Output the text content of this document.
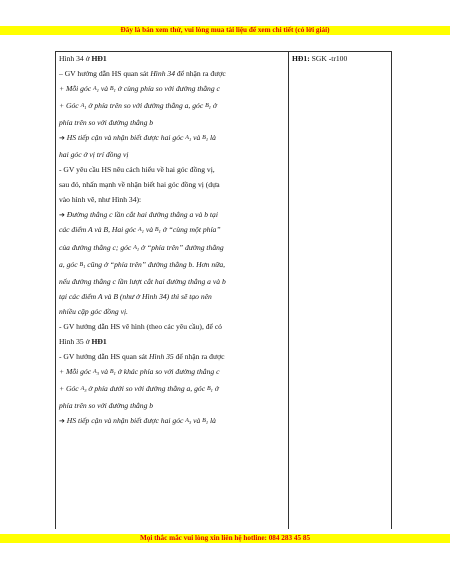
Đây là bản xem thử, vui lòng mua tài liệu để xem chi tiết (có lời giải)

Hình 34 ở HĐ1

– GV hướng dẫn HS quan sát Hình 34 để nhận ra được

+ Mỗi góc $A_1$ và $B_1$ ở cùng phía so với đường thẳng c

+ Góc $A_1$ ở phía trên so với đường thẳng a, góc $B_1$ ở

phía trên so với đường thẳng b

➔ HS tiếp cận và nhận biết được hai góc $A_1$ và $B_1$ là

hai góc ở vị trí đồng vị

- GV yêu cầu HS nêu cách hiểu về hai góc đồng vị,

sau đó, nhấn mạnh về nhận biết hai góc đồng vị (dựa

vào hình vẽ, như Hình 34):

➔ Đường thẳng c lần cắt hai đường thẳng a và b tại

các điểm A và B, Hai góc $A_1$ và $B_1$ ở “cùng một phía”

của đường thẳng c; góc $A_1$ ở “phía trên” đường thẳng

a, góc $B_1$ cũng ở “phía trên” đường thẳng b. Hơn nữa,

nếu đường thẳng c lần lượt cắt hai đường thẳng a và b

tại các điểm A và B (như ở Hình 34) thì sẽ tạo nên

nhiều cặp góc đồng vị.

- GV hướng dẫn HS vẽ hình (theo các yêu cầu), để có

Hình 35 ở HĐ1

- GV hướng dẫn HS quan sát Hình 35 để nhận ra được

+ Mỗi góc $A_3$ và $B_1$ ở khác phía so với đường thẳng c

+ Góc $A_3$ ở phía dưới so với đường thẳng a, góc $B_1$ ở

phía trên so với đường thẳng b

➔ HS tiếp cận và nhận biết được hai góc $A_3$ và $B_1$ là

HĐ1: SGK -tr100

Mọi thắc mắc vui lòng xin liên hệ hotline: 084 283 45 85
